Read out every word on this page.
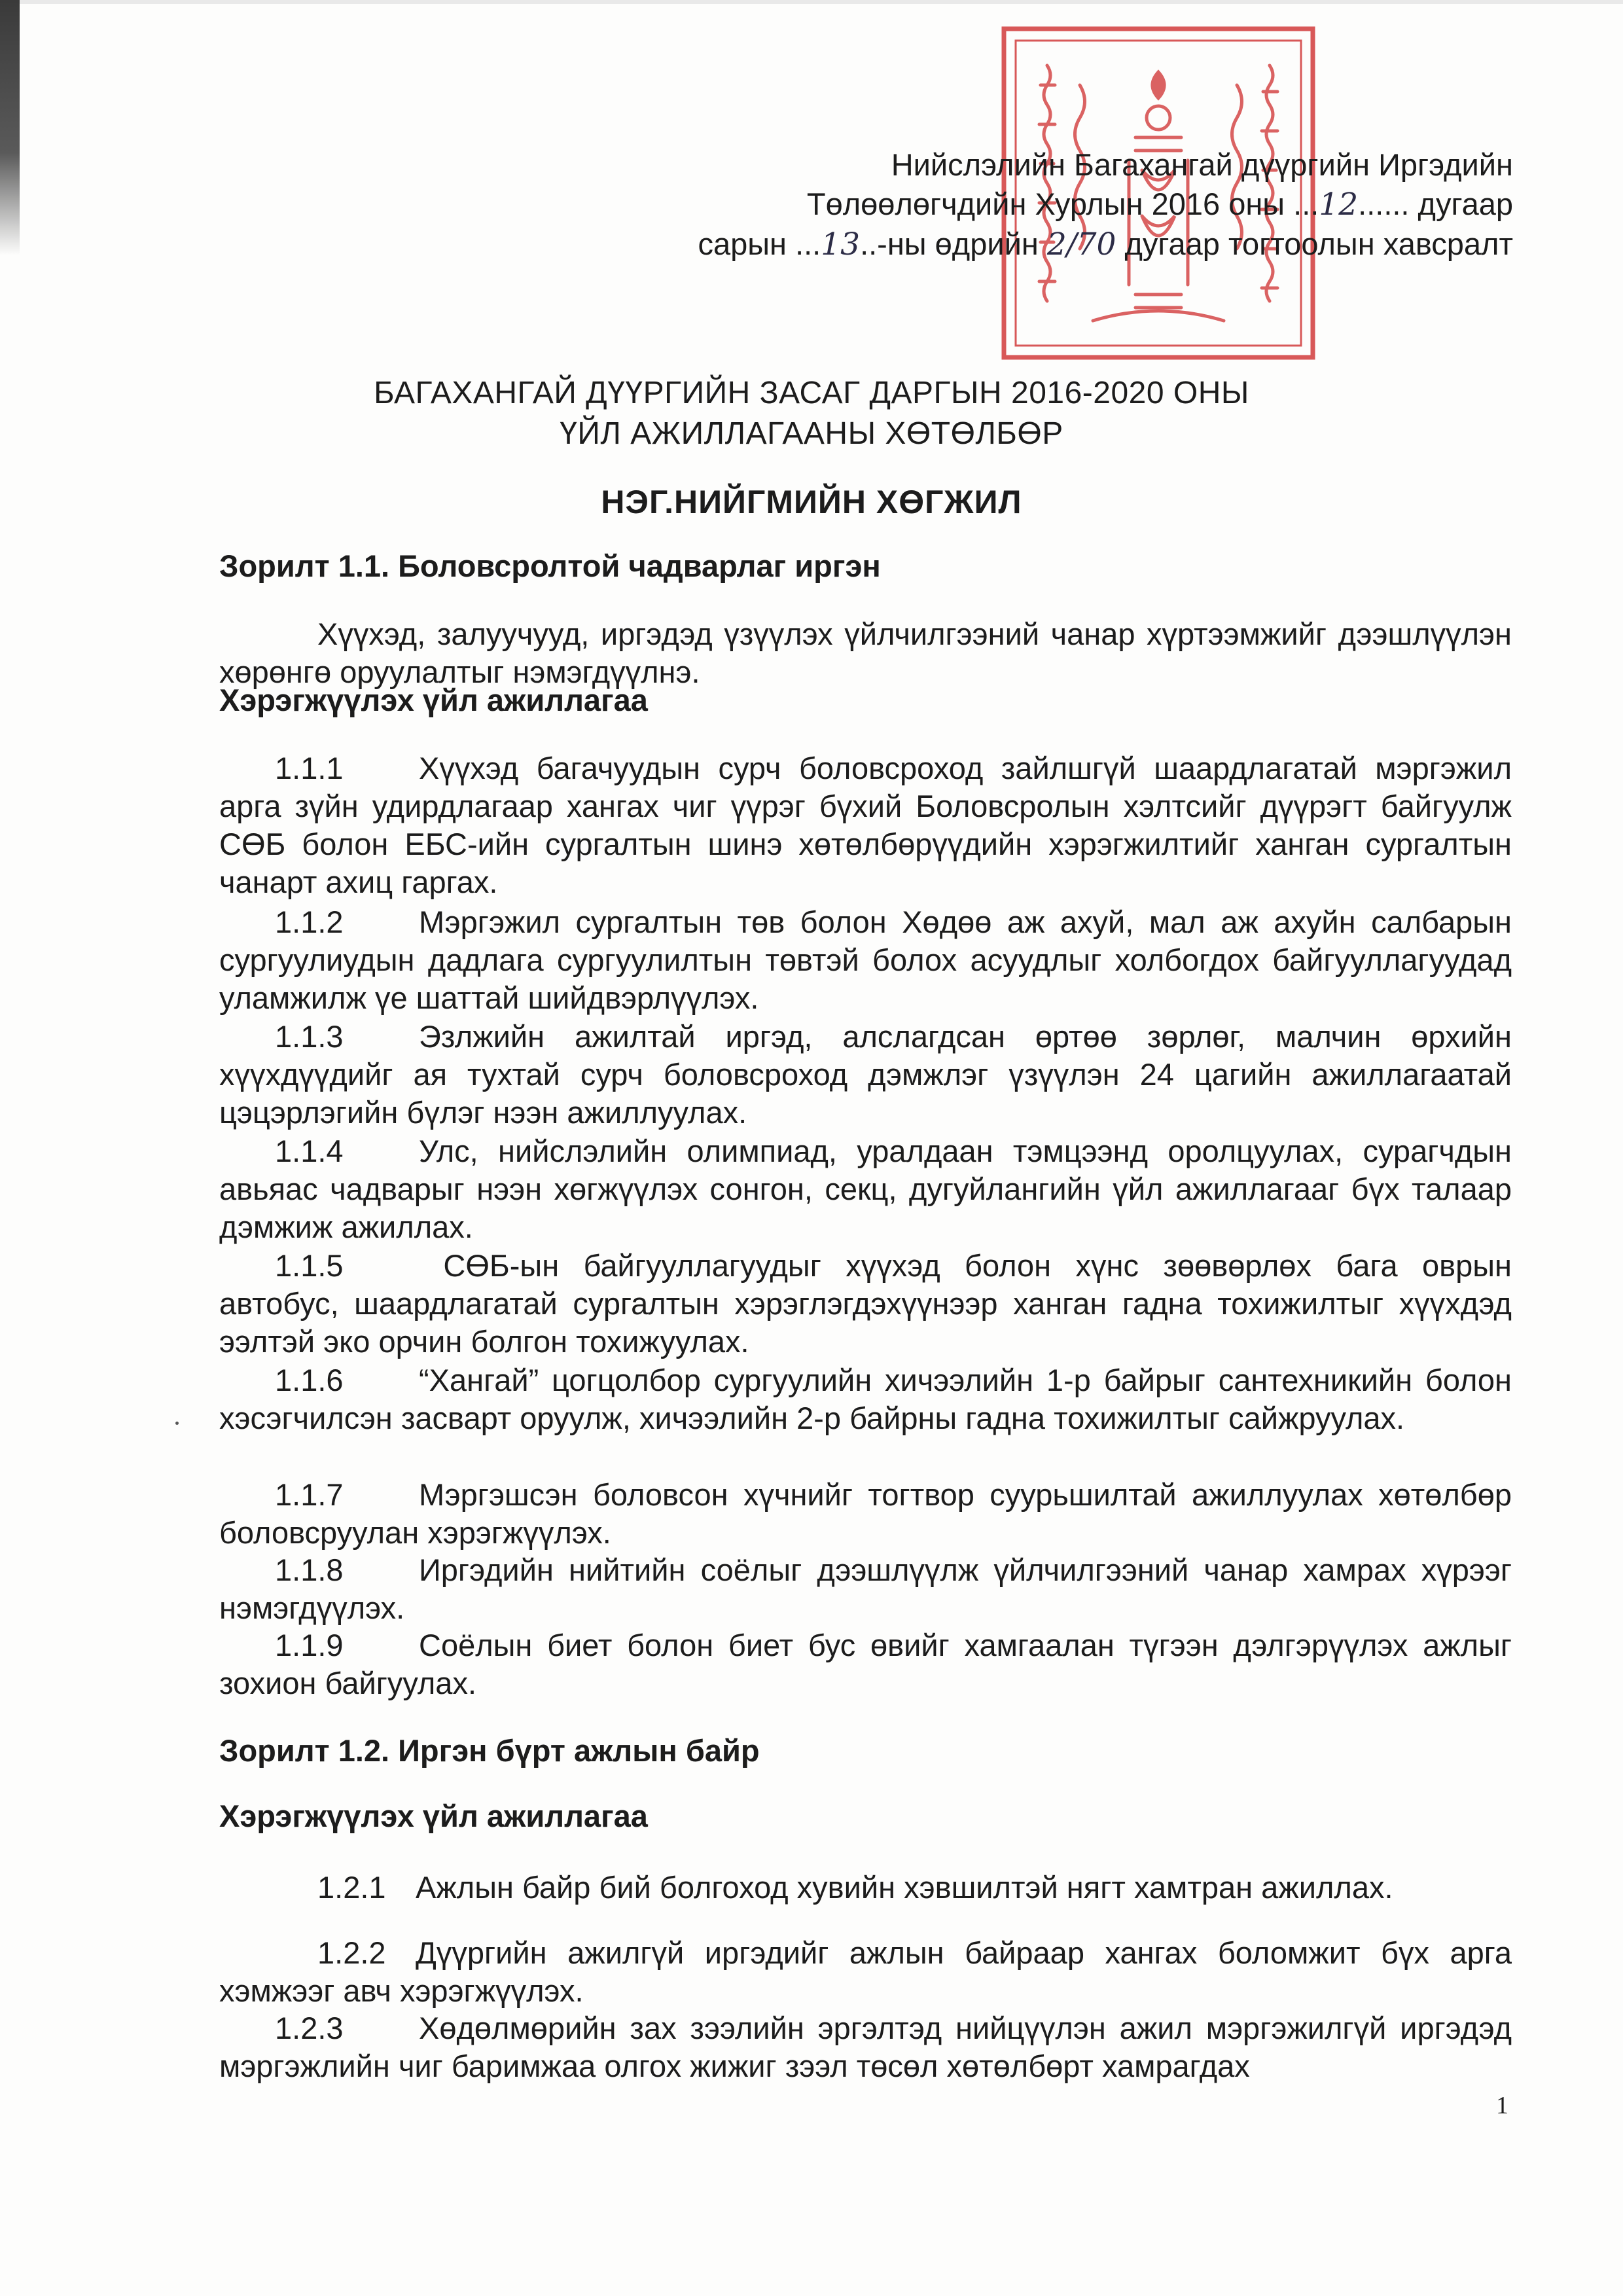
Нийслэлийн Багахангай дүүргийн Иргэдийн
Төлөөлөгчдийн Хурлын 2016 оны ...12...... дугаар
сарын ...13..-ны өдрийн 2/70 дугаар тогтоолын хавсралт
БАГАХАНГАЙ ДҮҮРГИЙН ЗАСАГ ДАРГЫН 2016-2020 ОНЫ
ҮЙЛ АЖИЛЛАГААНЫ ХӨТӨЛБӨР
НЭГ.НИЙГМИЙН ХӨГЖИЛ
Зорилт 1.1. Боловсролтой чадварлаг иргэн
Хүүхэд, залуучууд, иргэдэд үзүүлэх үйлчилгээний чанар хүртээмжийг дээшлүүлэн хөрөнгө оруулалтыг нэмэгдүүлнэ.
Хэрэгжүүлэх үйл ажиллагаа
1.1.1 Хүүхэд багачуудын сурч боловсроход зайлшгүй шаардлагатай мэргэжил арга зүйн удирдлагаар хангах чиг үүрэг бүхий Боловсролын хэлтсийг дүүрэгт байгуулж СӨБ болон ЕБС-ийн сургалтын шинэ хөтөлбөрүүдийн хэрэгжилтийг ханган сургалтын чанарт ахиц гаргах.
1.1.2 Мэргэжил сургалтын төв болон Хөдөө аж ахуй, мал аж ахуйн салбарын сургуулиудын дадлага сургуулилтын төвтэй болох асуудлыг холбогдох байгууллагуудад уламжилж үе шаттай шийдвэрлүүлэх.
1.1.3 Эзлжийн ажилтай иргэд, алслагдсан өртөө зөрлөг, малчин өрхийн хүүхдүүдийг ая тухтай сурч боловсроход дэмжлэг үзүүлэн 24 цагийн ажиллагаатай цэцэрлэгийн бүлэг нээн ажиллуулах.
1.1.4 Улс, нийслэлийн олимпиад, уралдаан тэмцээнд оролцуулах, сурагчдын авьяас чадварыг нээн хөгжүүлэх сонгон, секц, дугуйлангийн үйл ажиллагааг бүх талаар дэмжиж ажиллах.
1.1.5 СӨБ-ын байгууллагуудыг хүүхэд болон хүнс зөөвөрлөх бага оврын автобус, шаардлагатай сургалтын хэрэглэгдэхүүнээр ханган гадна тохижилтыг хүүхдэд ээлтэй эко орчин болгон тохижуулах.
1.1.6 “Хангай” цогцолбор сургуулийн хичээлийн 1-р байрыг сантехникийн болон хэсэгчилсэн засварт оруулж, хичээлийн 2-р байрны гадна тохижилтыг сайжруулах.
1.1.7 Мэргэшсэн боловсон хүчнийг тогтвор суурьшилтай ажиллуулах хөтөлбөр боловсруулан хэрэгжүүлэх.
1.1.8 Иргэдийн нийтийн соёлыг дээшлүүлж үйлчилгээний чанар хамрах хүрээг нэмэгдүүлэх.
1.1.9 Соёлын биет болон биет бус өвийг хамгаалан түгээн дэлгэрүүлэх ажлыг зохион байгуулах.
Зорилт 1.2. Иргэн бүрт ажлын байр
Хэрэгжүүлэх үйл ажиллагаа
1.2.1 Ажлын байр бий болгоход хувийн хэвшилтэй нягт хамтран ажиллах.
1.2.2 Дүүргийн ажилгүй иргэдийг ажлын байраар хангах боломжит бүх арга хэмжээг авч хэрэгжүүлэх.
1.2.3 Хөдөлмөрийн зах зээлийн эргэлтэд нийцүүлэн ажил мэргэжилгүй иргэдэд мэргэжлийн чиг баримжаа олгох жижиг зээл төсөл хөтөлбөрт хамрагдах
1
